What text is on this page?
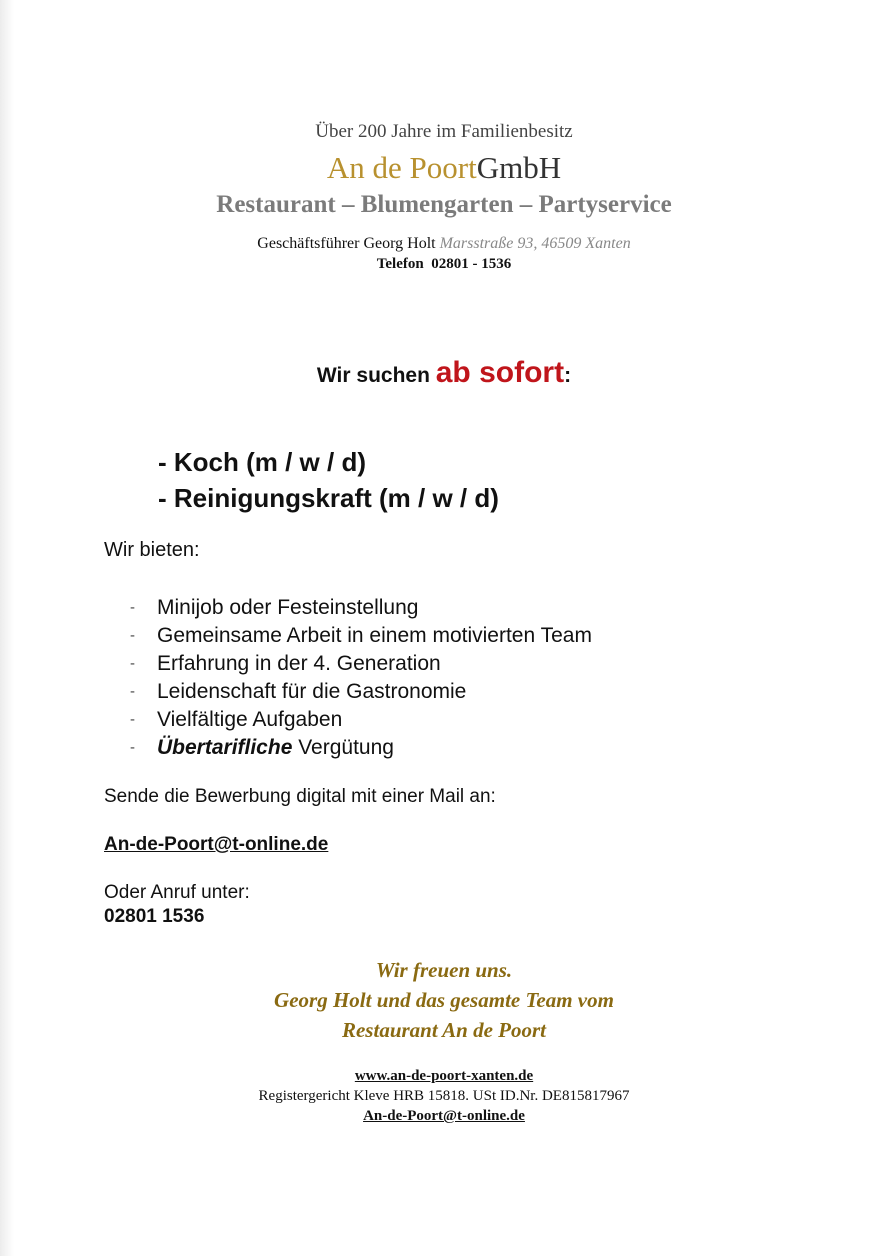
Über 200 Jahre im Familienbesitz
An de PoortGmbH
Restaurant – Blumengarten – Partyservice
Geschäftsführer Georg Holt Marsstraße 93, 46509 Xanten
Telefon  02801 - 1536
Wir suchen ab sofort:
- Koch (m / w / d)
- Reinigungskraft (m / w / d)
Wir bieten:
- Minijob oder Festeinstellung
- Gemeinsame Arbeit in einem motivierten Team
- Erfahrung in der 4. Generation
- Leidenschaft für die Gastronomie
- Vielfältige Aufgaben
- Übertarifliche Vergütung
Sende die Bewerbung digital mit einer Mail an:
An-de-Poort@t-online.de
Oder Anruf unter:
02801 1536
Wir freuen uns.
Georg Holt und das gesamte Team vom
Restaurant An de Poort
www.an-de-poort-xanten.de
Registergericht Kleve HRB 15818. USt ID.Nr. DE815817967
An-de-Poort@t-online.de
